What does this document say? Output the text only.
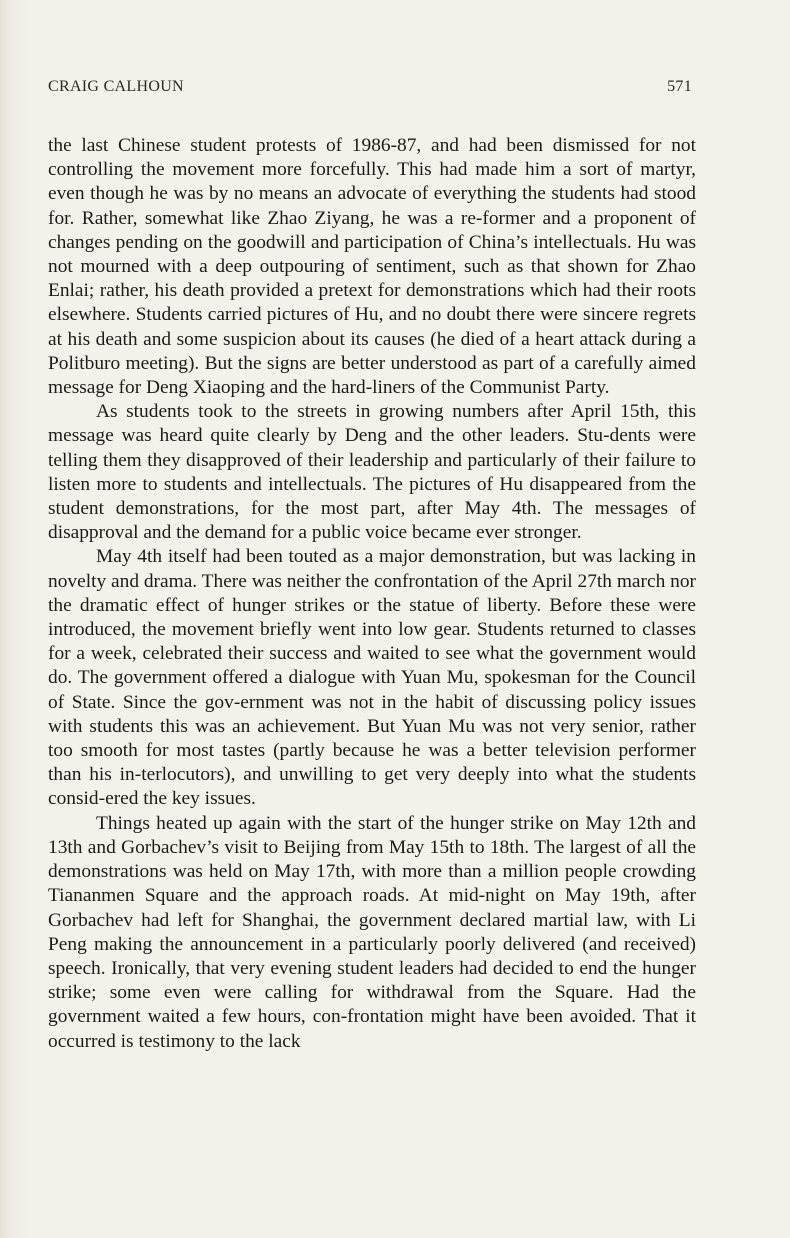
CRAIG CALHOUN	571

the last Chinese student protests of 1986-87, and had been dismissed for not controlling the movement more forcefully. This had made him a sort of martyr, even though he was by no means an advocate of everything the students had stood for. Rather, somewhat like Zhao Ziyang, he was a re-former and a proponent of changes pending on the goodwill and participation of China’s intellectuals. Hu was not mourned with a deep outpouring of sentiment, such as that shown for Zhao Enlai; rather, his death provided a pretext for demonstrations which had their roots elsewhere. Students carried pictures of Hu, and no doubt there were sincere regrets at his death and some suspicion about its causes (he died of a heart attack during a Politburo meeting). But the signs are better understood as part of a carefully aimed message for Deng Xiaoping and the hard-liners of the Communist Party.

As students took to the streets in growing numbers after April 15th, this message was heard quite clearly by Deng and the other leaders. Stu-dents were telling them they disapproved of their leadership and particularly of their failure to listen more to students and intellectuals. The pictures of Hu disappeared from the student demonstrations, for the most part, after May 4th. The messages of disapproval and the demand for a public voice became ever stronger.

May 4th itself had been touted as a major demonstration, but was lacking in novelty and drama. There was neither the confrontation of the April 27th march nor the dramatic effect of hunger strikes or the statue of liberty. Before these were introduced, the movement briefly went into low gear. Students returned to classes for a week, celebrated their success and waited to see what the government would do. The government offered a dialogue with Yuan Mu, spokesman for the Council of State. Since the gov-ernment was not in the habit of discussing policy issues with students this was an achievement. But Yuan Mu was not very senior, rather too smooth for most tastes (partly because he was a better television performer than his in-terlocutors), and unwilling to get very deeply into what the students consid-ered the key issues.

Things heated up again with the start of the hunger strike on May 12th and 13th and Gorbachev’s visit to Beijing from May 15th to 18th. The largest of all the demonstrations was held on May 17th, with more than a million people crowding Tiananmen Square and the approach roads. At mid-night on May 19th, after Gorbachev had left for Shanghai, the government declared martial law, with Li Peng making the announcement in a particularly poorly delivered (and received) speech. Ironically, that very evening student leaders had decided to end the hunger strike; some even were calling for withdrawal from the Square. Had the government waited a few hours, con-frontation might have been avoided. That it occurred is testimony to the lack
